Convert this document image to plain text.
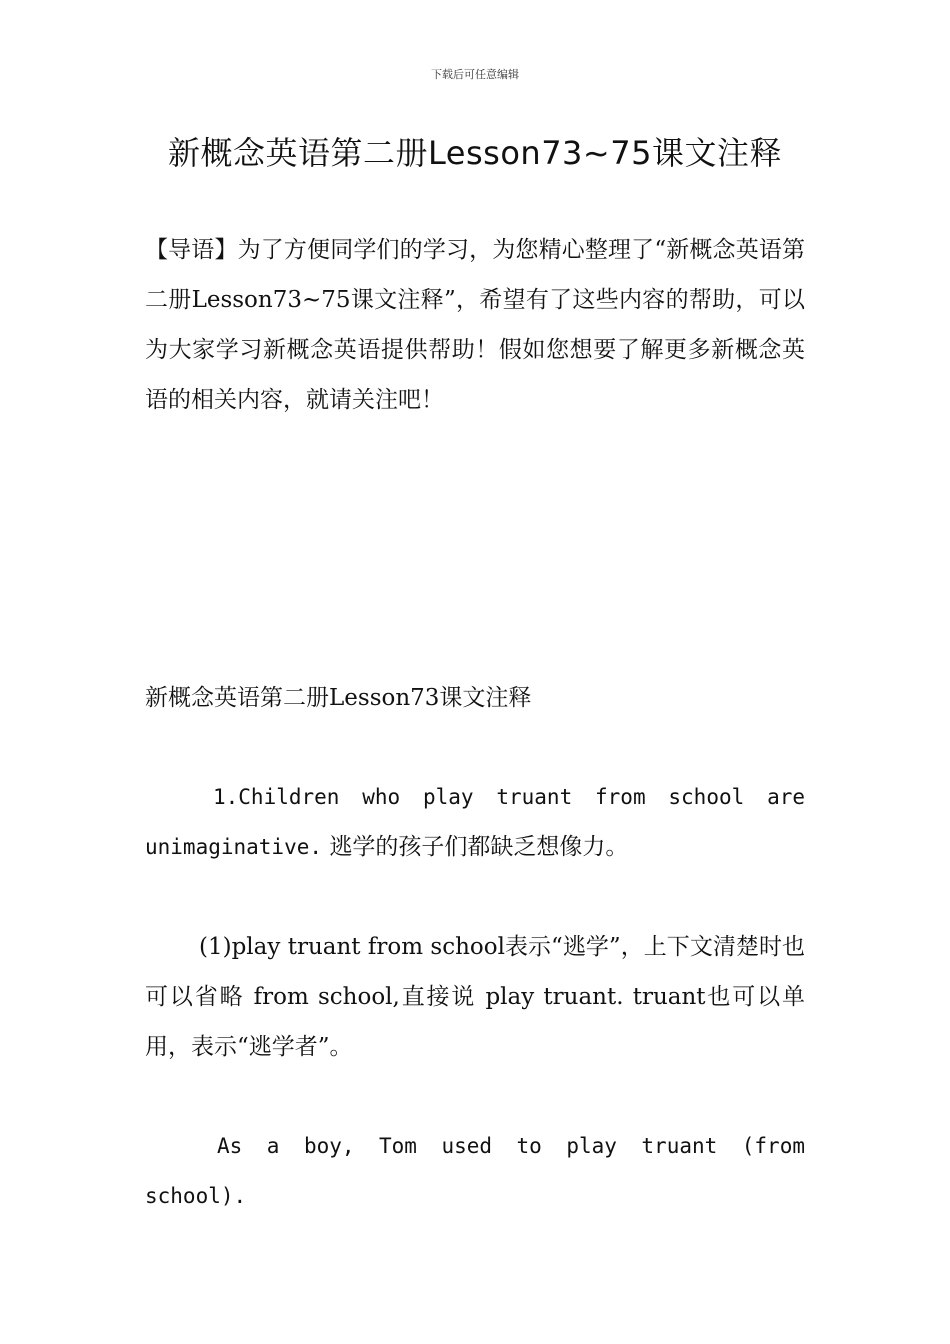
下载后可任意编辑
新概念英语第二册Lesson73~75课文注释

【导语】为了方便同学们的学习，为您精心整理了“新概念英语第二册Lesson73~75课文注释”，希望有了这些内容的帮助，可以为大家学习新概念英语提供帮助！假如您想要了解更多新概念英语的相关内容，就请关注吧！

新概念英语第二册Lesson73课文注释

1.Children who play truant from school are unimaginative. 逃学的孩子们都缺乏想像力。

(1)play truant from school表示“逃学”，上下文清楚时也可以省略 from school,直接说 play truant. truant也可以单用，表示“逃学者”。

As a boy, Tom used to play truant (from school).
